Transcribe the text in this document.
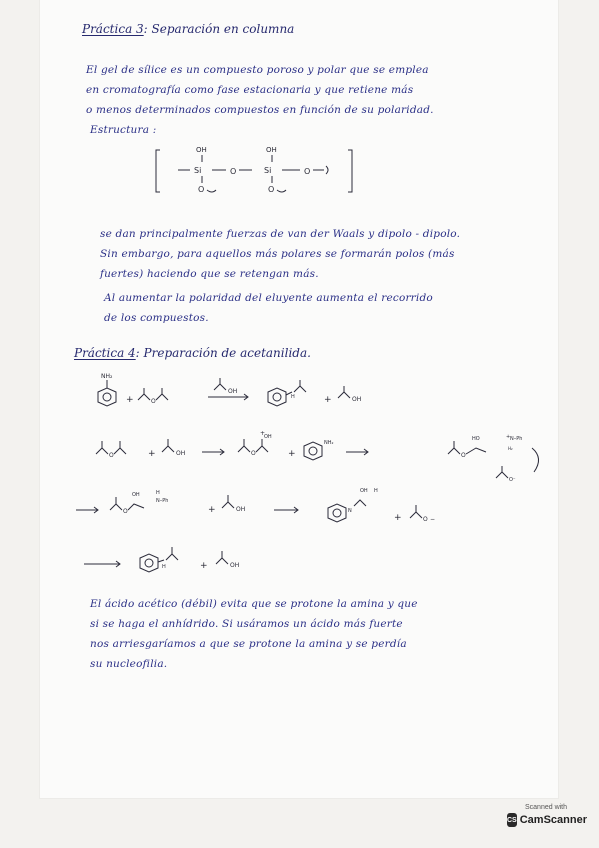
Práctica 3: Separación en columna
El gel de sílice es un compuesto poroso y polar que se emplea
en cromatografía como fase estacionaria y que retiene más
o menos determinados compuestos en función de su polaridad.
Estructura :
OH
Si
O
O
OH
Si
O
O
se dan principalmente fuerzas de van der Waals y dipolo - dipolo.
Sin embargo, para aquellos más polares se formarán polos (más
fuertes) haciendo que se retengan más.
Al aumentar la polaridad del eluyente aumenta el recorrido
de los compuestos.
Práctica 4: Preparación de acetanilida.
NH₂
+	O
OH
H	+	OH
O	+	OH	O
OH
+
+
NH₂
O
HO	+ N–Ph
H₂
O⁻
O
OH	H
N–Ph
+	OH	N
OH H
+	O −
H	+	OH
El ácido acético (débil) evita que se protone la amina y que
si se haga el anhídrido. Si usáramos un ácido más fuerte
nos arriesgaríamos a que se protone la amina y se perdía
su nucleofilia.
Scanned with
CS CamScanner
